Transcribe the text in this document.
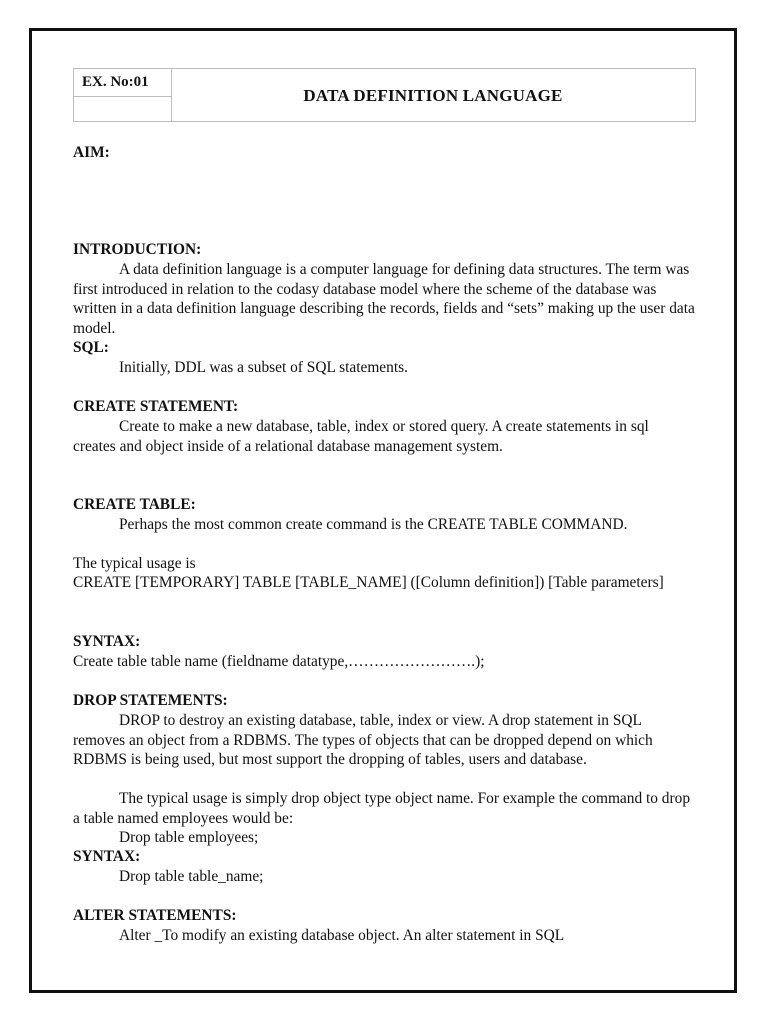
EX. No:01
DATA DEFINITION LANGUAGE
AIM:
INTRODUCTION:
A data definition language is a computer language for defining data structures. The term was first introduced in relation to the codasy database model where the scheme of the database was written in a data definition language describing the records, fields and “sets” making up the user data model.
SQL:
Initially, DDL was a subset of SQL statements.
CREATE STATEMENT:
Create to make a new database, table, index or stored query. A create statements in sql creates and object inside of a relational database management system.
CREATE TABLE:
Perhaps the most common create command is the CREATE TABLE COMMAND.
The typical usage is
CREATE [TEMPORARY] TABLE [TABLE_NAME] ([Column definition]) [Table parameters]
SYNTAX:
Create table table name (fieldname datatype,…………………….);
DROP STATEMENTS:
DROP to destroy an existing database, table, index or view. A drop statement in SQL removes an object from a RDBMS. The types of objects that can be dropped depend on which RDBMS is being used, but most support the dropping of tables, users and database.
The typical usage is simply drop object type object name. For example the command to drop a table named employees would be:
Drop table employees;
SYNTAX:
Drop table table_name;
ALTER STATEMENTS:
Alter _To modify an existing database object. An alter statement in SQL
